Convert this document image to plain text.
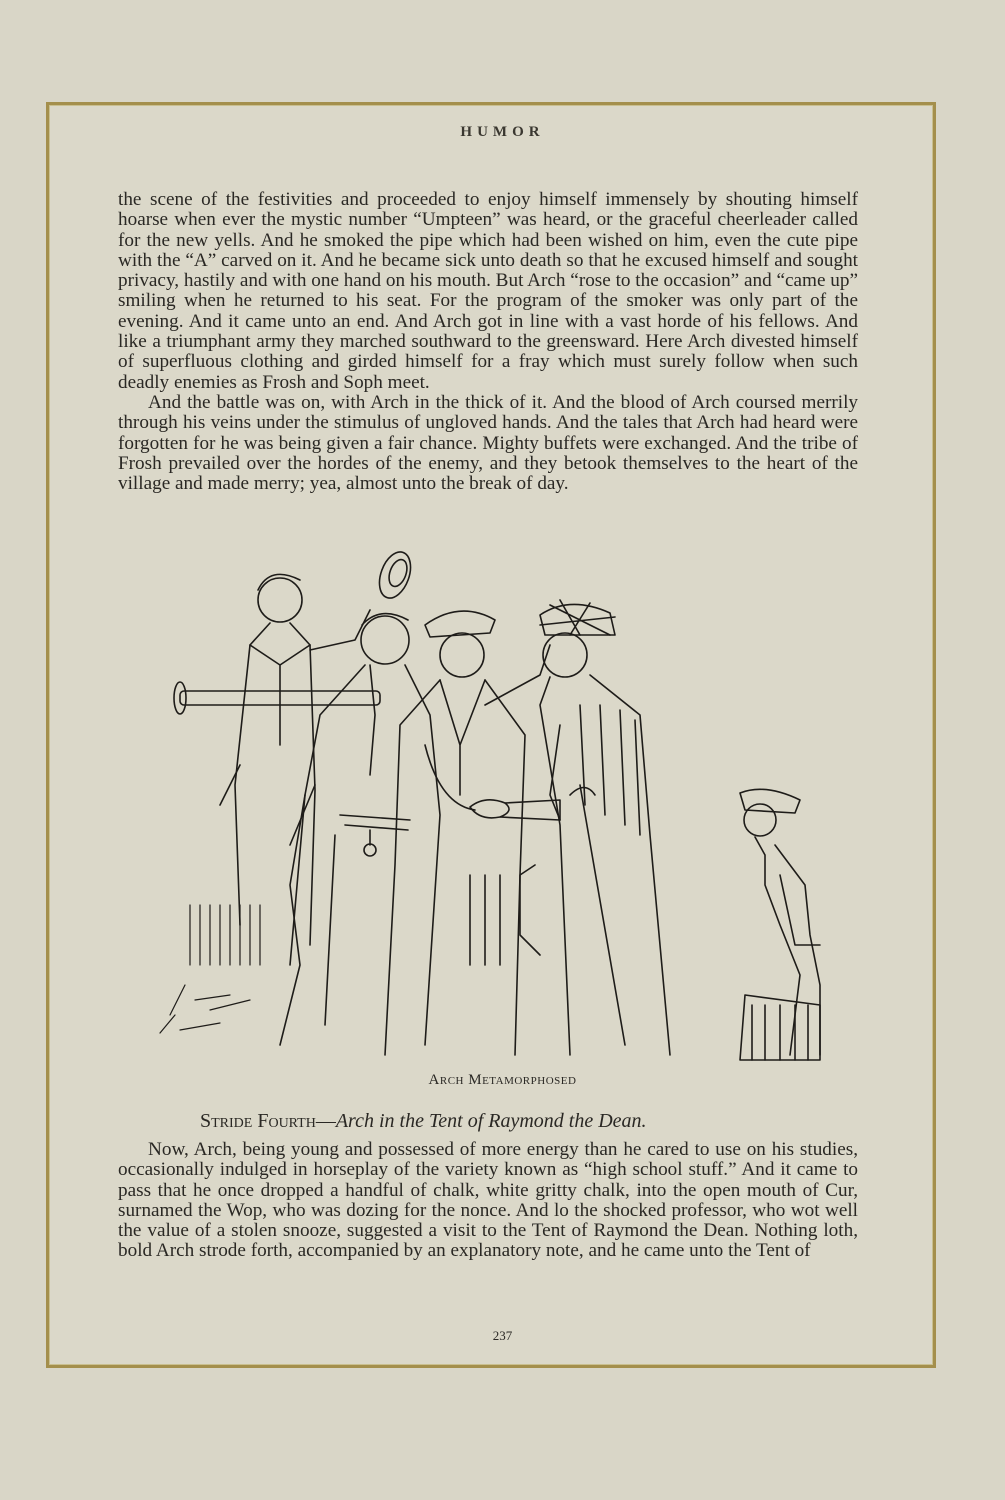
HUMOR

the scene of the festivities and proceeded to enjoy himself immensely by shouting himself hoarse when ever the mystic number “Umpteen” was heard, or the graceful cheerleader called for the new yells. And he smoked the pipe which had been wished on him, even the cute pipe with the “A” carved on it. And he became sick unto death so that he excused himself and sought privacy, hastily and with one hand on his mouth. But Arch “rose to the occasion” and “came up” smiling when he returned to his seat. For the program of the smoker was only part of the evening. And it came unto an end. And Arch got in line with a vast horde of his fellows. And like a triumphant army they marched southward to the greensward. Here Arch divested himself of superfluous clothing and girded himself for a fray which must surely follow when such deadly enemies as Frosh and Soph meet.

And the battle was on, with Arch in the thick of it. And the blood of Arch coursed merrily through his veins under the stimulus of ungloved hands. And the tales that Arch had heard were forgotten for he was being given a fair chance. Mighty buffets were exchanged. And the tribe of Frosh prevailed over the hordes of the enemy, and they betook themselves to the heart of the village and made merry; yea, almost unto the break of day.

Arch Metamorphosed
Stride Fourth—Arch in the Tent of Raymond the Dean.

Now, Arch, being young and possessed of more energy than he cared to use on his studies, occasionally indulged in horseplay of the variety known as “high school stuff.” And it came to pass that he once dropped a handful of chalk, white gritty chalk, into the open mouth of Cur, surnamed the Wop, who was dozing for the nonce. And lo the shocked professor, who wot well the value of a stolen snooze, suggested a visit to the Tent of Raymond the Dean. Nothing loth, bold Arch strode forth, accompanied by an explanatory note, and he came unto the Tent of

237
